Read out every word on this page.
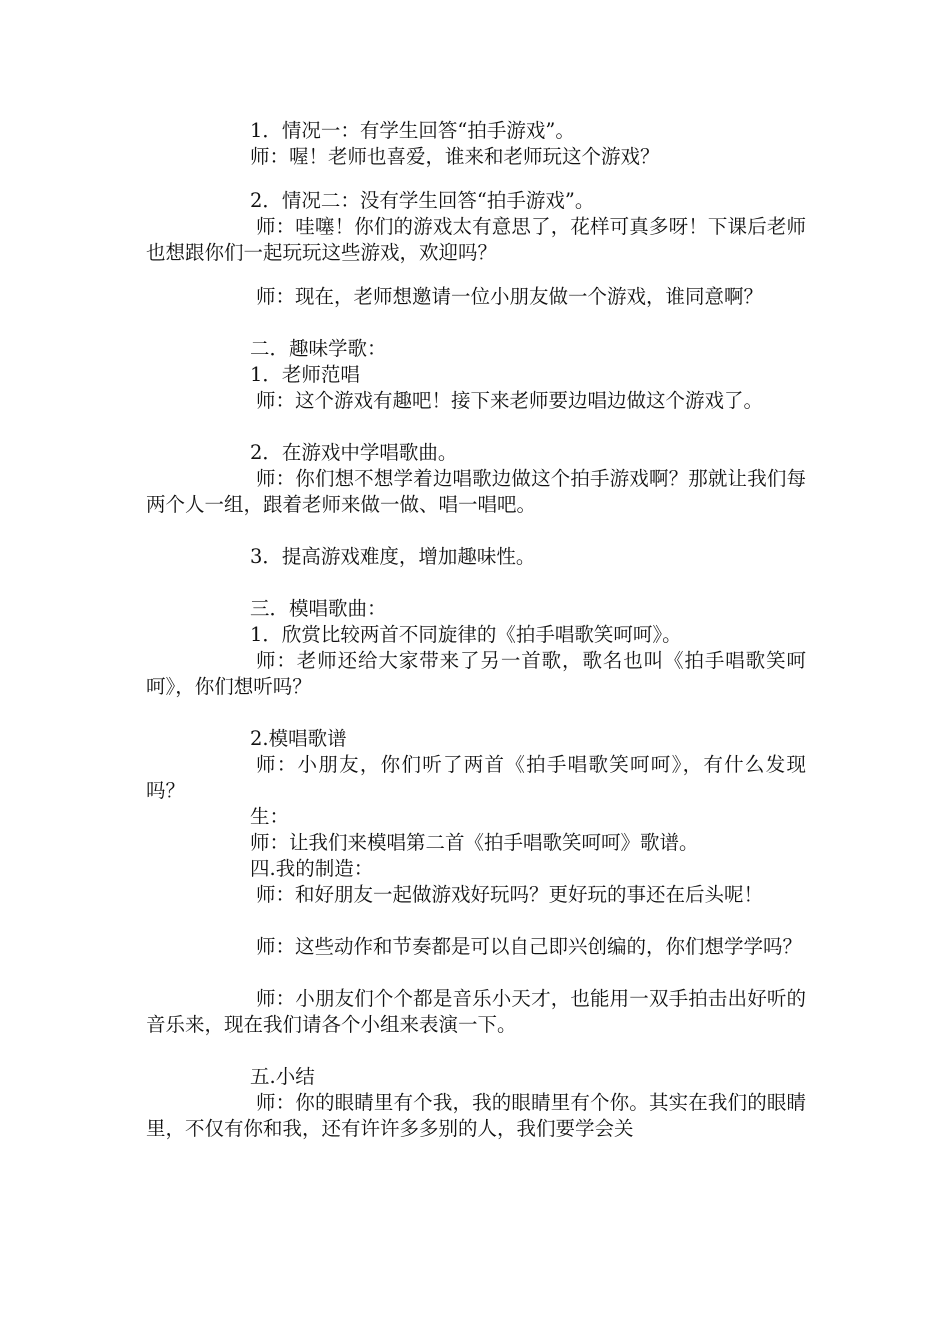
1．情况一：有学生回答“拍手游戏”。

师：喔！老师也喜爱，谁来和老师玩这个游戏？

2．情况二：没有学生回答“拍手游戏”。

师：哇噻！你们的游戏太有意思了，花样可真多呀！下课后老师也想跟你们一起玩玩这些游戏，欢迎吗？

师：现在，老师想邀请一位小朋友做一个游戏，谁同意啊？

二．趣味学歌：

1．老师范唱

师：这个游戏有趣吧！接下来老师要边唱边做这个游戏了。

2．在游戏中学唱歌曲。

师：你们想不想学着边唱歌边做这个拍手游戏啊？那就让我们每两个人一组，跟着老师来做一做、唱一唱吧。

3．提高游戏难度，增加趣味性。

三．模唱歌曲：

1．欣赏比较两首不同旋律的《拍手唱歌笑呵呵》。

师：老师还给大家带来了另一首歌，歌名也叫《拍手唱歌笑呵呵》，你们想听吗？

2.模唱歌谱

师：小朋友，你们听了两首《拍手唱歌笑呵呵》，有什么发现吗？

生：

师：让我们来模唱第二首《拍手唱歌笑呵呵》歌谱。

四.我的制造：

师：和好朋友一起做游戏好玩吗？更好玩的事还在后头呢！

师：这些动作和节奏都是可以自己即兴创编的，你们想学学吗？

师：小朋友们个个都是音乐小天才，也能用一双手拍击出好听的音乐来，现在我们请各个小组来表演一下。

五.小结

师：你的眼睛里有个我，我的眼睛里有个你。其实在我们的眼睛里，不仅有你和我，还有许许多多别的人，我们要学会关
